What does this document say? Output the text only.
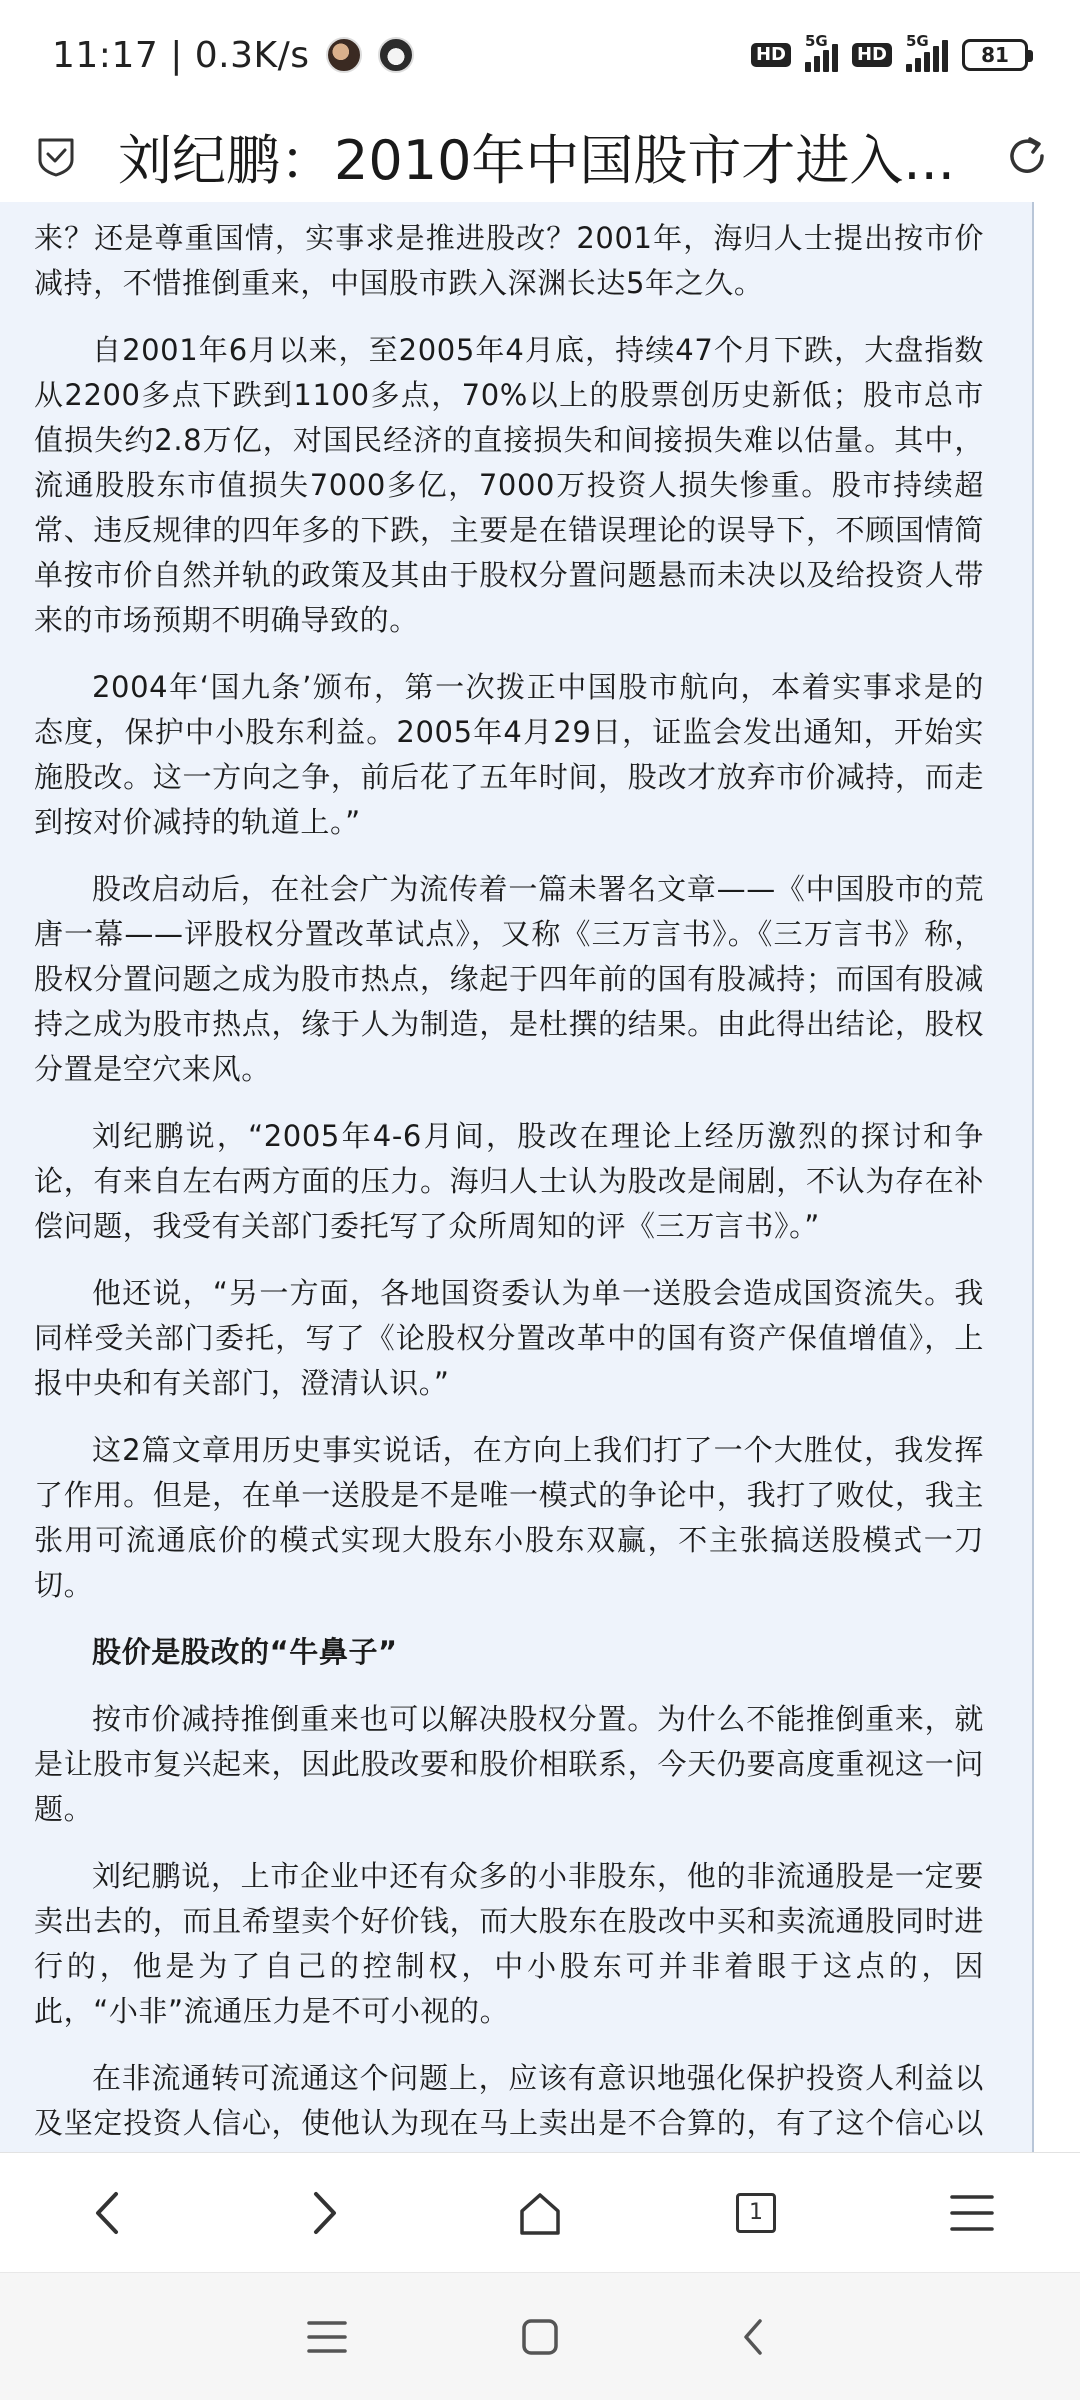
11:17 | 0.3K/s	HD
5G
HD
5G
81
刘纪鹏：2010年中国股市才进入...

来？还是尊重国情，实事求是推进股改？2001年，海归人士提出按市价减持，不惜推倒重来，中国股市跌入深渊长达5年之久。

自2001年6月以来，至2005年4月底，持续47个月下跌，大盘指数从2200多点下跌到1100多点，70%以上的股票创历史新低；股市总市值损失约2.8万亿，对国民经济的直接损失和间接损失难以估量。其中，流通股股东市值损失7000多亿，7000万投资人损失惨重。股市持续超常、违反规律的四年多的下跌，主要是在错误理论的误导下，不顾国情简单按市价自然并轨的政策及其由于股权分置问题悬而未决以及给投资人带来的市场预期不明确导致的。

2004年‘国九条’颁布，第一次拨正中国股市航向，本着实事求是的态度，保护中小股东利益。2005年4月29日，证监会发出通知，开始实施股改。这一方向之争，前后花了五年时间，股改才放弃市价减持，而走到按对价减持的轨道上。”

股改启动后，在社会广为流传着一篇未署名文章——《中国股市的荒唐一幕——评股权分置改革试点》，又称《三万言书》。《三万言书》称，股权分置问题之成为股市热点，缘起于四年前的国有股减持；而国有股减持之成为股市热点，缘于人为制造，是杜撰的结果。由此得出结论，股权分置是空穴来风。

刘纪鹏说，“2005年4-6月间，股改在理论上经历激烈的探讨和争论，有来自左右两方面的压力。海归人士认为股改是闹剧，不认为存在补偿问题，我受有关部门委托写了众所周知的评《三万言书》。”

他还说，“另一方面，各地国资委认为单一送股会造成国资流失。我同样受关部门委托，写了《论股权分置改革中的国有资产保值增值》，上报中央和有关部门，澄清认识。”

这2篇文章用历史事实说话，在方向上我们打了一个大胜仗，我发挥了作用。但是，在单一送股是不是唯一模式的争论中，我打了败仗，我主张用可流通底价的模式实现大股东小股东双赢，不主张搞送股模式一刀切。

股价是股改的“牛鼻子”

按市价减持推倒重来也可以解决股权分置。为什么不能推倒重来，就是让股市复兴起来，因此股改要和股价相联系，今天仍要高度重视这一问题。

刘纪鹏说，上市企业中还有众多的小非股东，他的非流通股是一定要卖出去的，而且希望卖个好价钱，而大股东在股改中买和卖流通股同时进行的，他是为了自己的控制权，中小股东可并非着眼于这点的，因此，“小非”流通压力是不可小视的。

在非流通转可流通这个问题上，应该有意识地强化保护投资人利益以及坚定投资人信心，使他认为现在马上卖出是不合算的，有了这个信心以

1
